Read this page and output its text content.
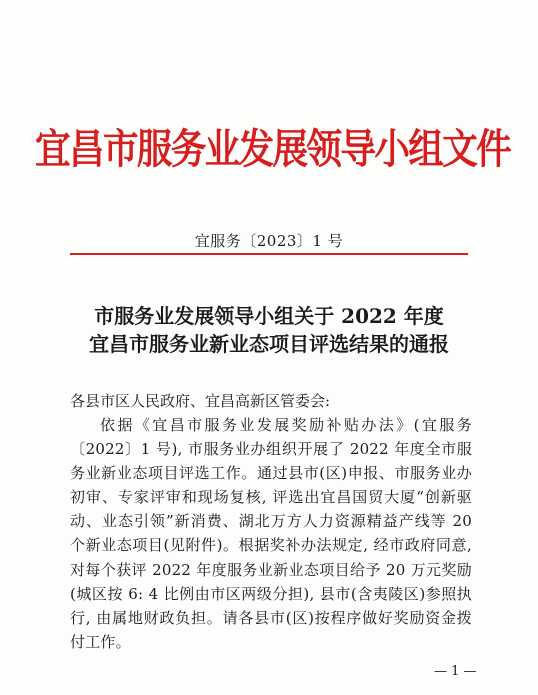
宜昌市服务业发展领导小组文件
宜服务〔2023〕1 号
市服务业发展领导小组关于 2022 年度
宜昌市服务业新业态项目评选结果的通报
各县市区人民政府、宜昌高新区管委会:
依据《宜昌市服务业发展奖励补贴办法》(宜服务〔2022〕1 号), 市服务业办组织开展了 2022 年度全市服务业新业态项目评选工作。通过县市(区)申报、市服务业办初审、专家评审和现场复核, 评选出宜昌国贸大厦“创新驱动、业态引领”新消费、湖北万方人力资源精益产线等 20 个新业态项目(见附件)。根据奖补办法规定, 经市政府同意, 对每个获评 2022 年度服务业新业态项目给予 20 万元奖励(城区按 6: 4 比例由市区两级分担), 县市(含夷陵区)参照执行, 由属地财政负担。请各县市(区)按程序做好奖励资金拨付工作。
— 1 —
